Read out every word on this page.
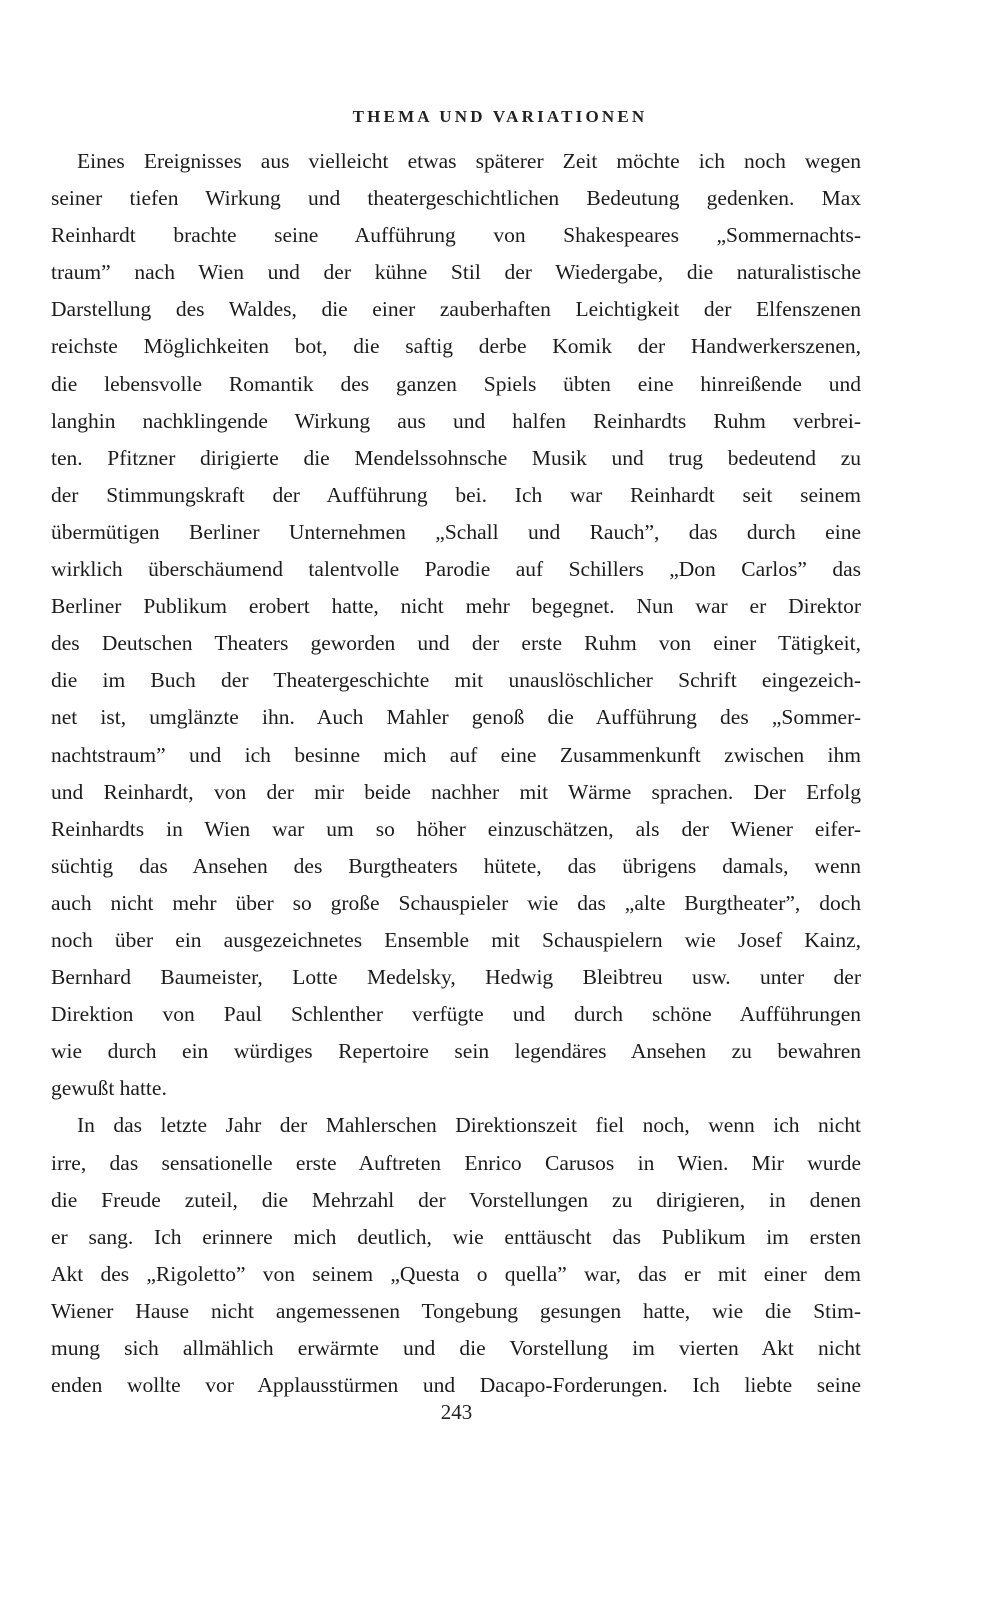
THEMA UND VARIATIONEN
Eines Ereignisses aus vielleicht etwas späterer Zeit möchte ich noch wegen
seiner tiefen Wirkung und theatergeschichtlichen Bedeutung gedenken. Max
Reinhardt brachte seine Aufführung von Shakespeares „Sommernachts-
traum” nach Wien und der kühne Stil der Wiedergabe, die naturalistische
Darstellung des Waldes, die einer zauberhaften Leichtigkeit der Elfenszenen
reichste Möglichkeiten bot, die saftig derbe Komik der Handwerkerszenen,
die lebensvolle Romantik des ganzen Spiels übten eine hinreißende und
langhin nachklingende Wirkung aus und halfen Reinhardts Ruhm verbrei-
ten. Pfitzner dirigierte die Mendelssohnsche Musik und trug bedeutend zu
der Stimmungskraft der Aufführung bei. Ich war Reinhardt seit seinem
übermütigen Berliner Unternehmen „Schall und Rauch”, das durch eine
wirklich überschäumend talentvolle Parodie auf Schillers „Don Carlos” das
Berliner Publikum erobert hatte, nicht mehr begegnet. Nun war er Direktor
des Deutschen Theaters geworden und der erste Ruhm von einer Tätigkeit,
die im Buch der Theatergeschichte mit unauslöschlicher Schrift eingezeich-
net ist, umglänzte ihn. Auch Mahler genoß die Aufführung des „Sommer-
nachtstraum” und ich besinne mich auf eine Zusammenkunft zwischen ihm
und Reinhardt, von der mir beide nachher mit Wärme sprachen. Der Erfolg
Reinhardts in Wien war um so höher einzuschätzen, als der Wiener eifer-
süchtig das Ansehen des Burgtheaters hütete, das übrigens damals, wenn
auch nicht mehr über so große Schauspieler wie das „alte Burgtheater”, doch
noch über ein ausgezeichnetes Ensemble mit Schauspielern wie Josef Kainz,
Bernhard Baumeister, Lotte Medelsky, Hedwig Bleibtreu usw. unter der
Direktion von Paul Schlenther verfügte und durch schöne Aufführungen
wie durch ein würdiges Repertoire sein legendäres Ansehen zu bewahren
gewußt hatte.
In das letzte Jahr der Mahlerschen Direktionszeit fiel noch, wenn ich nicht
irre, das sensationelle erste Auftreten Enrico Carusos in Wien. Mir wurde
die Freude zuteil, die Mehrzahl der Vorstellungen zu dirigieren, in denen
er sang. Ich erinnere mich deutlich, wie enttäuscht das Publikum im ersten
Akt des „Rigoletto” von seinem „Questa o quella” war, das er mit einer dem
Wiener Hause nicht angemessenen Tongebung gesungen hatte, wie die Stim-
mung sich allmählich erwärmte und die Vorstellung im vierten Akt nicht
enden wollte vor Applausstürmen und Dacapo-Forderungen. Ich liebte seine
243
